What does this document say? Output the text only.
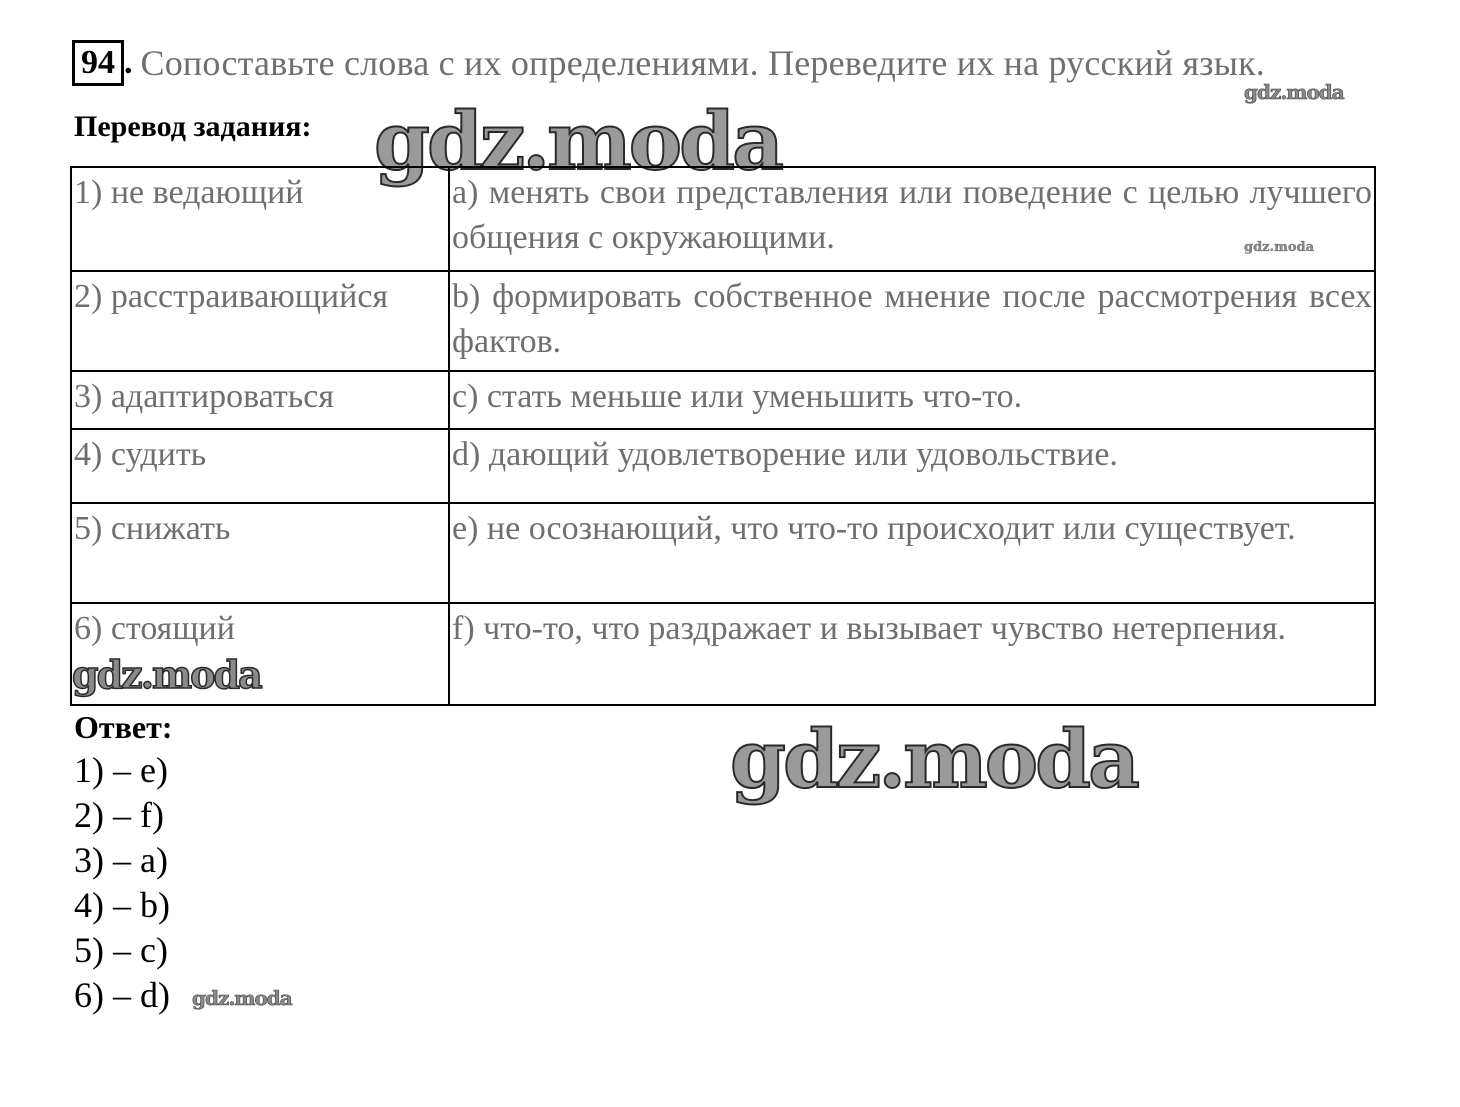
94 . Сопоставьте слова с их определениями. Переведите их на русский язык.
gdz.moda
Перевод задания: gdz.moda
1) не ведающий	a) менять свои представления или поведение с целью лучшего общения с окружающими.
2) расстраивающийся	b) формировать собственное мнение после рассмотрения всех фактов.
3) адаптироваться	c) стать меньше или уменьшить что-то.
4) судить	d) дающий удовлетворение или удовольствие.
5) снижать	e) не осознающий, что что-то происходит или существует.
6) стоящий	f) что-то, что раздражает и вызывает чувство нетерпения.
gdz.moda
gdz.moda
Ответ:
1) – e)
2) – f)
3) – a)
4) – b)
5) – c)
6) – d)
gdz.moda
gdz.moda
